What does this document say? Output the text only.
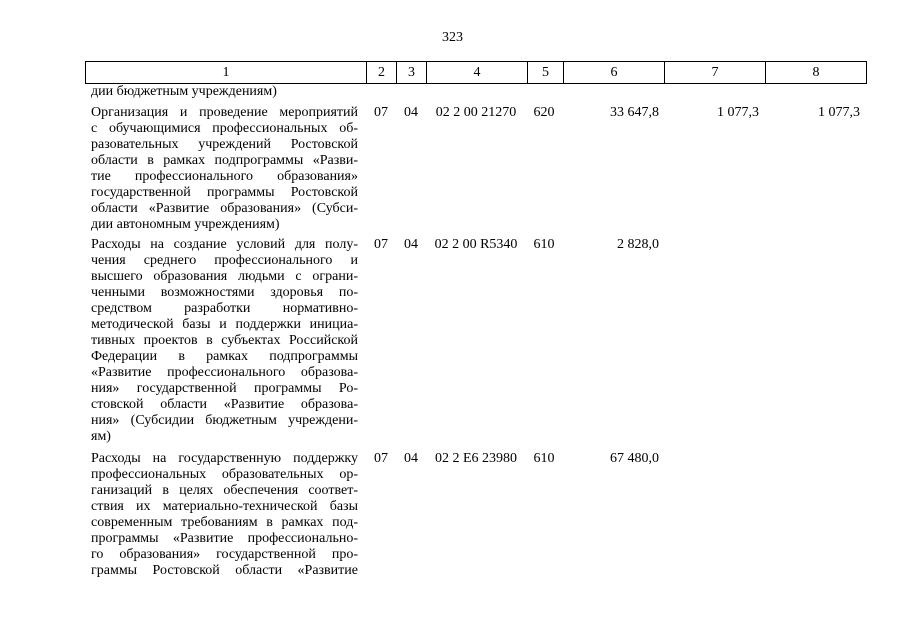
323
1	2	3	4	5	6	7	8
дии бюджетным учреждениям)
Организация и проведение мероприятий
с обучающимися профессиональных об-
разовательных учреждений Ростовской
области в рамках подпрограммы «Разви-
тие профессионального образования»
государственной программы Ростовской
области «Развитие образования» (Субси-
дии автономным учреждениям)
07	04	02 2 00 21270	620	33 647,8	1 077,3	1 077,3
Расходы на создание условий для полу-
чения среднего профессионального и
высшего образования людьми с ограни-
ченными возможностями здоровья по-
средством разработки нормативно-
методической базы и поддержки инициа-
тивных проектов в субъектах Российской
Федерации в рамках подпрограммы
«Развитие профессионального образова-
ния» государственной программы Ро-
стовской области «Развитие образова-
ния» (Субсидии бюджетным учреждени-
ям)
07	04	02 2 00 R5340	610	2 828,0
Расходы на государственную поддержку
профессиональных образовательных ор-
ганизаций в целях обеспечения соответ-
ствия их материально-технической базы
современным требованиям в рамках под-
программы «Развитие профессионально-
го образования» государственной про-
граммы Ростовской области «Развитие
07	04	02 2 E6 23980	610	67 480,0
